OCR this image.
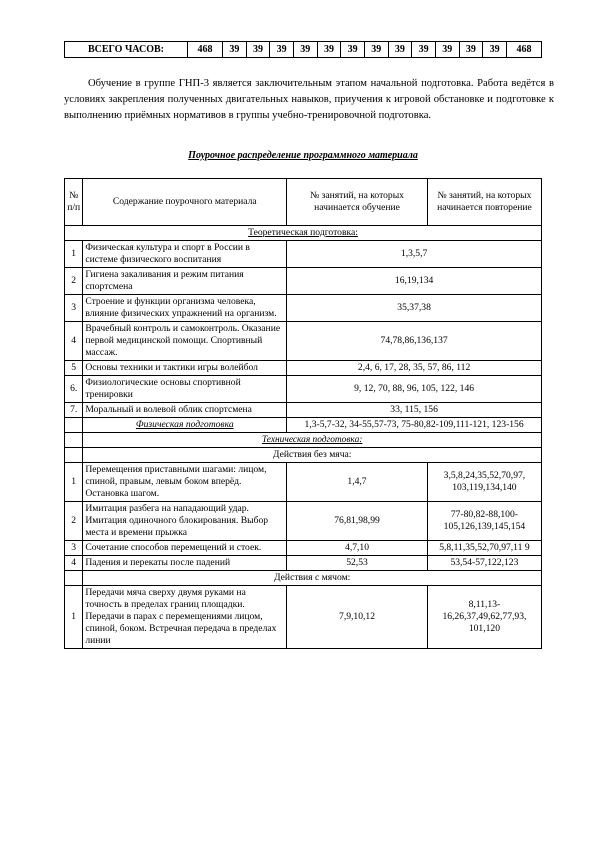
ВСЕГО ЧАСОВ:	468	39	39	39	39	39	39	39	39	39	39	39	39	468

Обучение в группе ГНП-3 является заключительным этапом начальной подготовка. Работа ведётся в условиях закрепления полученных двигательных навыков, приучения к игровой обстановке и подготовке к выполнению приёмных нормативов в группы учебно-тренировочной подготовка.

Поурочное распределение программного материала
№ п/п	Содержание поурочного материала	№ занятий, на которых начинается обучение	№ занятий, на которых начинается повторение
Теоретическая подготовка:			
1	Физическая культура и спорт в России в системе физического воспитания	1,3,5,7	
2	Гигиена закаливания и режим питания спортсмена	16,19,134	
3	Строение и функции организма человека, влияние физических упражнений на организм.	35,37,38	
4	Врачебный контроль и самоконтроль. Оказание первой медицинской помощи. Спортивный массаж.	74,78,86,136,137	
5	Основы техники и тактики игры волейбол	2,4, 6, 17, 28, 35, 57, 86, 112	
6.	Физиологические основы спортивной тренировки	9, 12, 70, 88, 96, 105, 122, 146	
7.	Моральный и волевой облик спортсмена	33, 115, 156	
	Физическая подготовка	1,3-5,7-32, 34-55,57-73, 75-80,82-109,111-121, 123-156	
	Техническая подготовка:		
	Действия без мяча:		
1	Перемещения приставными шагами: лицом, спиной, правым, левым боком вперёд. Остановка шагом.	1,4,7	3,5,8,24,35,52,70,97, 103,119,134,140
2	Имитация разбега на нападающий удар. Имитация одиночного блокирования. Выбор места и времени прыжка	76,81,98,99	77-80,82-88,100-105,126,139,145,154
3	Сочетание способов перемещений и стоек.	4,7,10	5,8,11,35,52,70,97,11 9
4	Падения и перекаты после падений	52,53	53,54-57,122,123
	Действия с мячом:		
1	Передачи мяча сверху двумя руками на точность в пределах границ площадки. Передачи в парах с перемещениями лицом, спиной, боком. Встречная передача в пределах линии	7,9,10,12	8,11,13-16,26,37,49,62,77,93, 101,120
